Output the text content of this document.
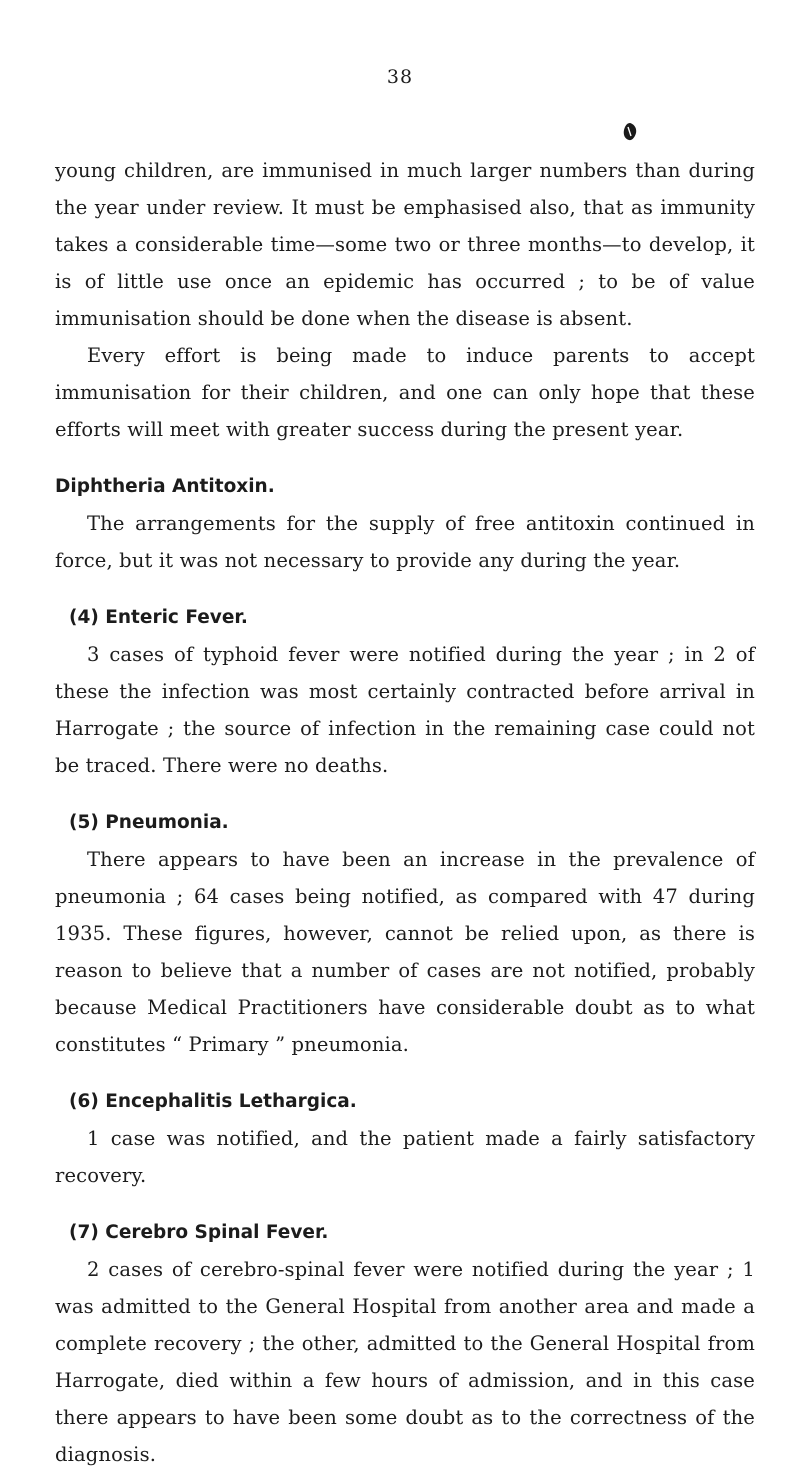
38

young children, are immunised in much larger numbers than during the year under review. It must be emphasised also, that as immunity takes a considerable time—some two or three months—to develop, it is of little use once an epidemic has occurred ; to be of value immunisation should be done when the disease is absent.

Every effort is being made to induce parents to accept immunisation for their children, and one can only hope that these efforts will meet with greater success during the present year.

Diphtheria Antitoxin.

The arrangements for the supply of free antitoxin continued in force, but it was not necessary to provide any during the year.

(4) Enteric Fever.

3 cases of typhoid fever were notified during the year ; in 2 of these the infection was most certainly contracted before arrival in Harrogate ; the source of infection in the remaining case could not be traced. There were no deaths.

(5) Pneumonia.

There appears to have been an increase in the prevalence of pneumonia ; 64 cases being notified, as compared with 47 during 1935. These figures, however, cannot be relied upon, as there is reason to believe that a number of cases are not notified, probably because Medical Practitioners have considerable doubt as to what constitutes “ Primary ” pneumonia.

(6) Encephalitis Lethargica.

1 case was notified, and the patient made a fairly satisfactory recovery.

(7) Cerebro Spinal Fever.

2 cases of cerebro-spinal fever were notified during the year ; 1 was admitted to the General Hospital from another area and made a complete recovery ; the other, admitted to the General Hospital from Harrogate, died within a few hours of admission, and in this case there appears to have been some doubt as to the correctness of the diagnosis.
